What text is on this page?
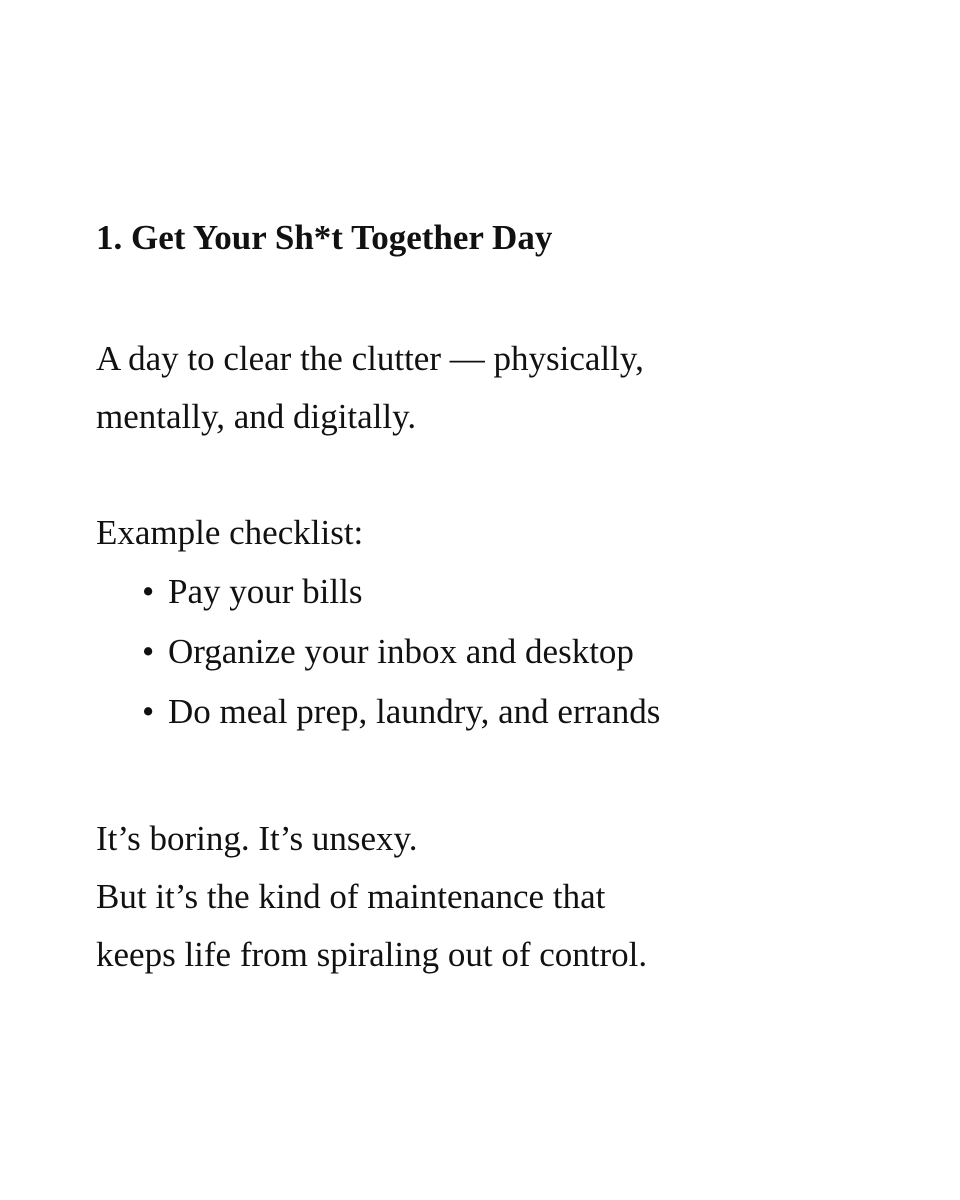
1. Get Your Sh*t Together Day

A day to clear the clutter — physically,

mentally, and digitally.

Example checklist:

• Pay your bills
• Organize your inbox and desktop
• Do meal prep, laundry, and errands

It’s boring. It’s unsexy.

But it’s the kind of maintenance that

keeps life from spiraling out of control.
